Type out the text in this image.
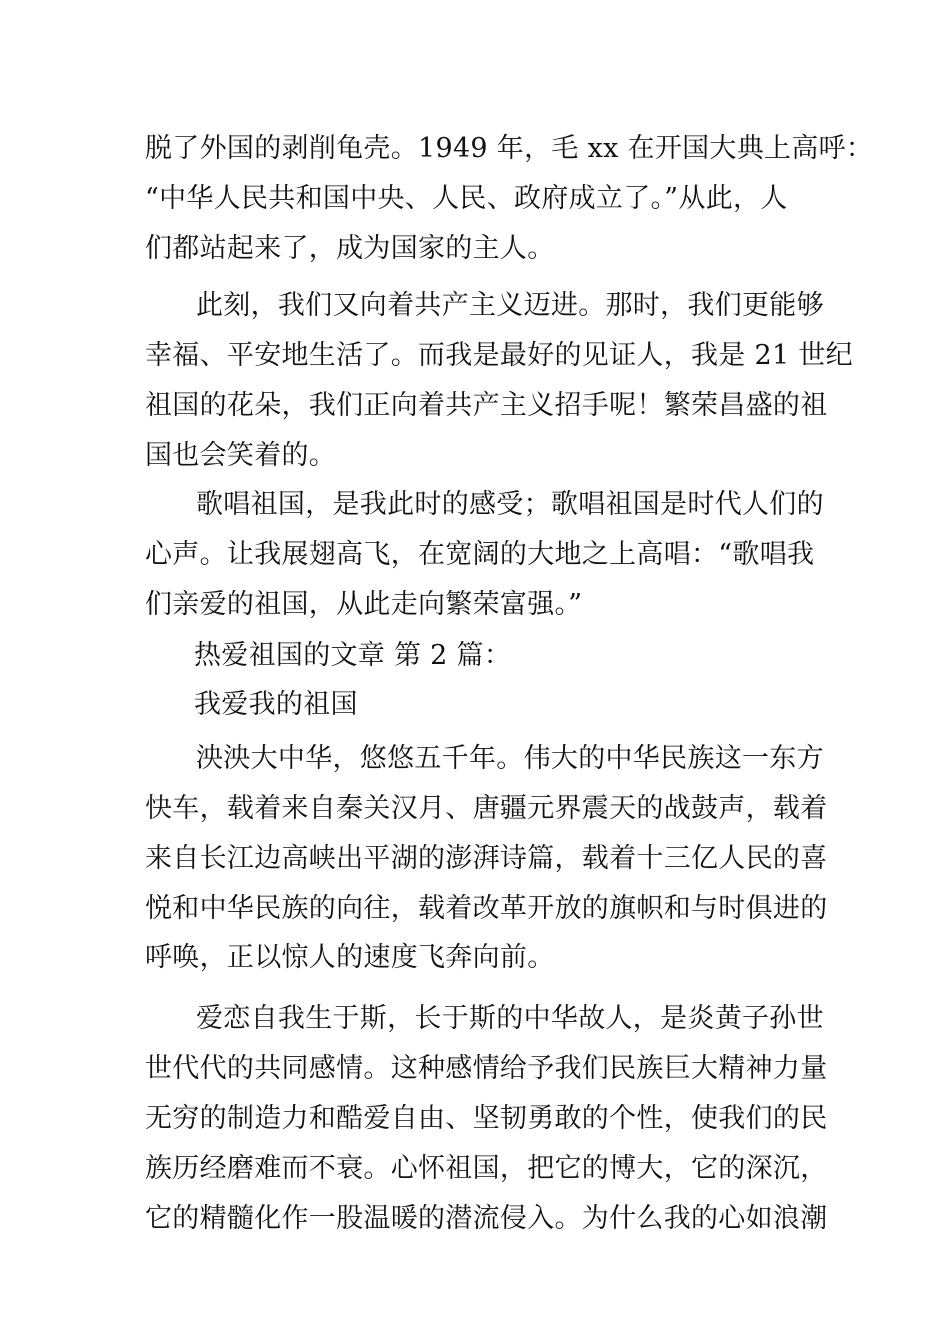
脱了外国的剥削龟壳。1949 年，毛 xx 在开国大典上高呼：
“中华人民共和国中央、人民、政府成立了。”从此，人
们都站起来了，成为国家的主人。
此刻，我们又向着共产主义迈进。那时，我们更能够
幸福、平安地生活了。而我是最好的见证人，我是 21 世纪
祖国的花朵，我们正向着共产主义招手呢！繁荣昌盛的祖
国也会笑着的。
歌唱祖国，是我此时的感受；歌唱祖国是时代人们的
心声。让我展翅高飞，在宽阔的大地之上高唱：“歌唱我
们亲爱的祖国，从此走向繁荣富强。”
热爱祖国的文章 第 2 篇：
我爱我的祖国
泱泱大中华，悠悠五千年。伟大的中华民族这一东方
快车，载着来自秦关汉月、唐疆元界震天的战鼓声，载着
来自长江边高峡出平湖的澎湃诗篇，载着十三亿人民的喜
悦和中华民族的向往，载着改革开放的旗帜和与时俱进的
呼唤，正以惊人的速度飞奔向前。
爱恋自我生于斯，长于斯的中华故人，是炎黄子孙世
世代代的共同感情。这种感情给予我们民族巨大精神力量
无穷的制造力和酷爱自由、坚韧勇敢的个性，使我们的民
族历经磨难而不衰。心怀祖国，把它的博大，它的深沉，
它的精髓化作一股温暖的潜流侵入。为什么我的心如浪潮
